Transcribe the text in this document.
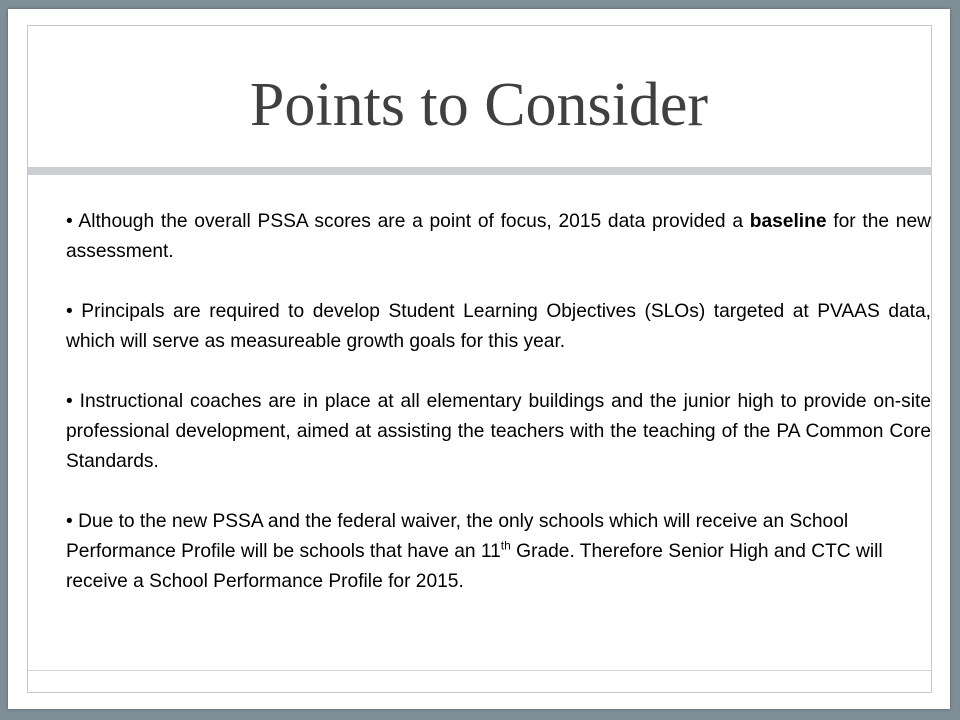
Points to Consider

• Although the overall PSSA scores are a point of focus, 2015 data provided a baseline for the new assessment.

• Principals are required to develop Student Learning Objectives (SLOs) targeted at PVAAS data, which will serve as measureable growth goals for this year.

• Instructional coaches are in place at all elementary buildings and the junior high to provide on-site professional development, aimed at assisting the teachers with the teaching of the PA Common Core Standards.

• Due to the new PSSA and the federal waiver, the only schools which will receive an School Performance Profile will be schools that have an 11th Grade. Therefore Senior High and CTC will receive a School Performance Profile for 2015.
